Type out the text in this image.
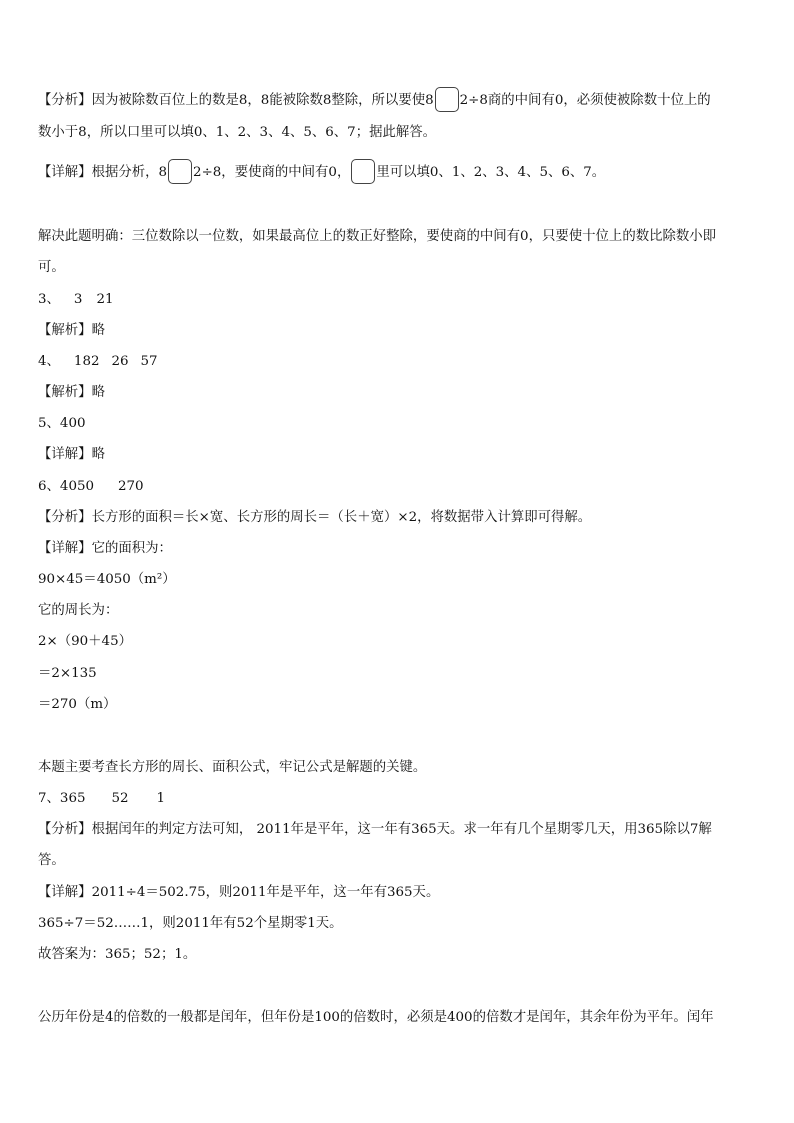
【分析】因为被除数百位上的数是8，8能被除数8整除，所以要使8 2÷8商的中间有0，必须使被除数十位上的
数小于8，所以口里可以填0、1、2、3、4、5、6、7；据此解答。
【详解】根据分析，8 2÷8，要使商的中间有0， 里可以填0、1、2、3、4、5、6、7。
解决此题明确：三位数除以一位数，如果最高位上的数正好整除，要使商的中间有0，只要使十位上的数比除数小即
可。
3、 3 21
【解析】略
4、 182 26 57
【解析】略
5、400
【详解】略
6、4050 270
【分析】长方形的面积＝长×宽、长方形的周长＝（长＋宽）×2，将数据带入计算即可得解。
【详解】它的面积为：
90×45＝4050（m²）
它的周长为：
2×（90＋45）
＝2×135
＝270（m）
本题主要考查长方形的周长、面积公式，牢记公式是解题的关键。
7、365 52 1
【分析】根据闰年的判定方法可知， 2011年是平年，这一年有365天。求一年有几个星期零几天，用365除以7解
答。
【详解】2011÷4＝502.75，则2011年是平年，这一年有365天。
365÷7＝52……1，则2011年有52个星期零1天。
故答案为：365；52；1。
公历年份是4的倍数的一般都是闰年，但年份是100的倍数时，必须是400的倍数才是闰年，其余年份为平年。闰年
